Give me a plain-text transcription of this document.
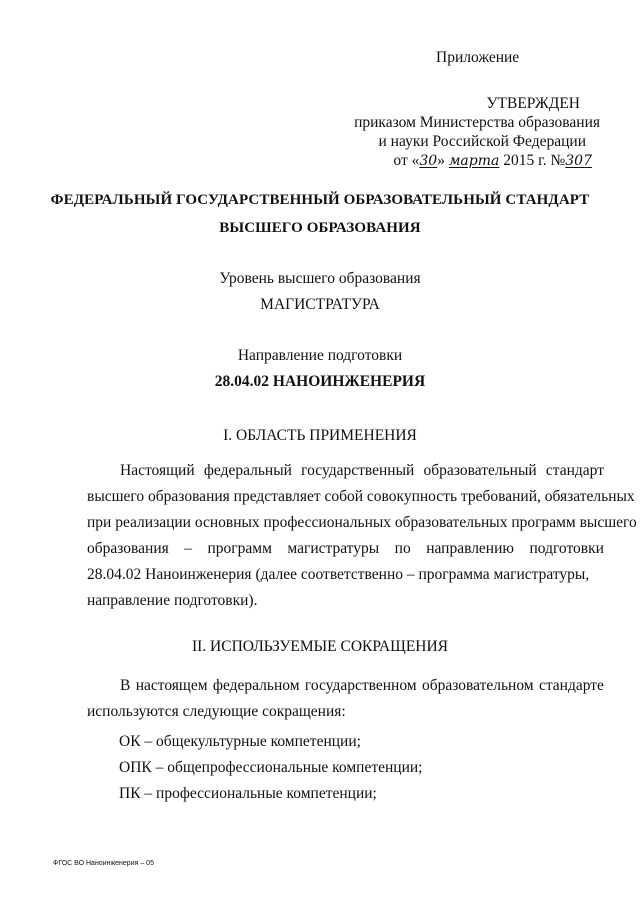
Приложение
УТВЕРЖДЕН
приказом Министерства образования
и науки Российской Федерации
от «30» марта 2015 г. №307
ФЕДЕРАЛЬНЫЙ ГОСУДАРСТВЕННЫЙ ОБРАЗОВАТЕЛЬНЫЙ СТАНДАРТ
ВЫСШЕГО ОБРАЗОВАНИЯ
Уровень высшего образования
МАГИСТРАТУРА
Направление подготовки
28.04.02 НАНОИНЖЕНЕРИЯ
I. ОБЛАСТЬ ПРИМЕНЕНИЯ
Настоящий федеральный государственный образовательный стандарт
высшего образования представляет собой совокупность требований, обязательных
при реализации основных профессиональных образовательных программ высшего
образования – программ магистратуры по направлению подготовки
28.04.02 Наноинженерия (далее соответственно – программа магистратуры,
направление подготовки).
II. ИСПОЛЬЗУЕМЫЕ СОКРАЩЕНИЯ
В настоящем федеральном государственном образовательном стандарте
используются следующие сокращения:
ОК – общекультурные компетенции;
ОПК – общепрофессиональные компетенции;
ПК – профессиональные компетенции;
ФГОС ВО Наноинженерия – 05
